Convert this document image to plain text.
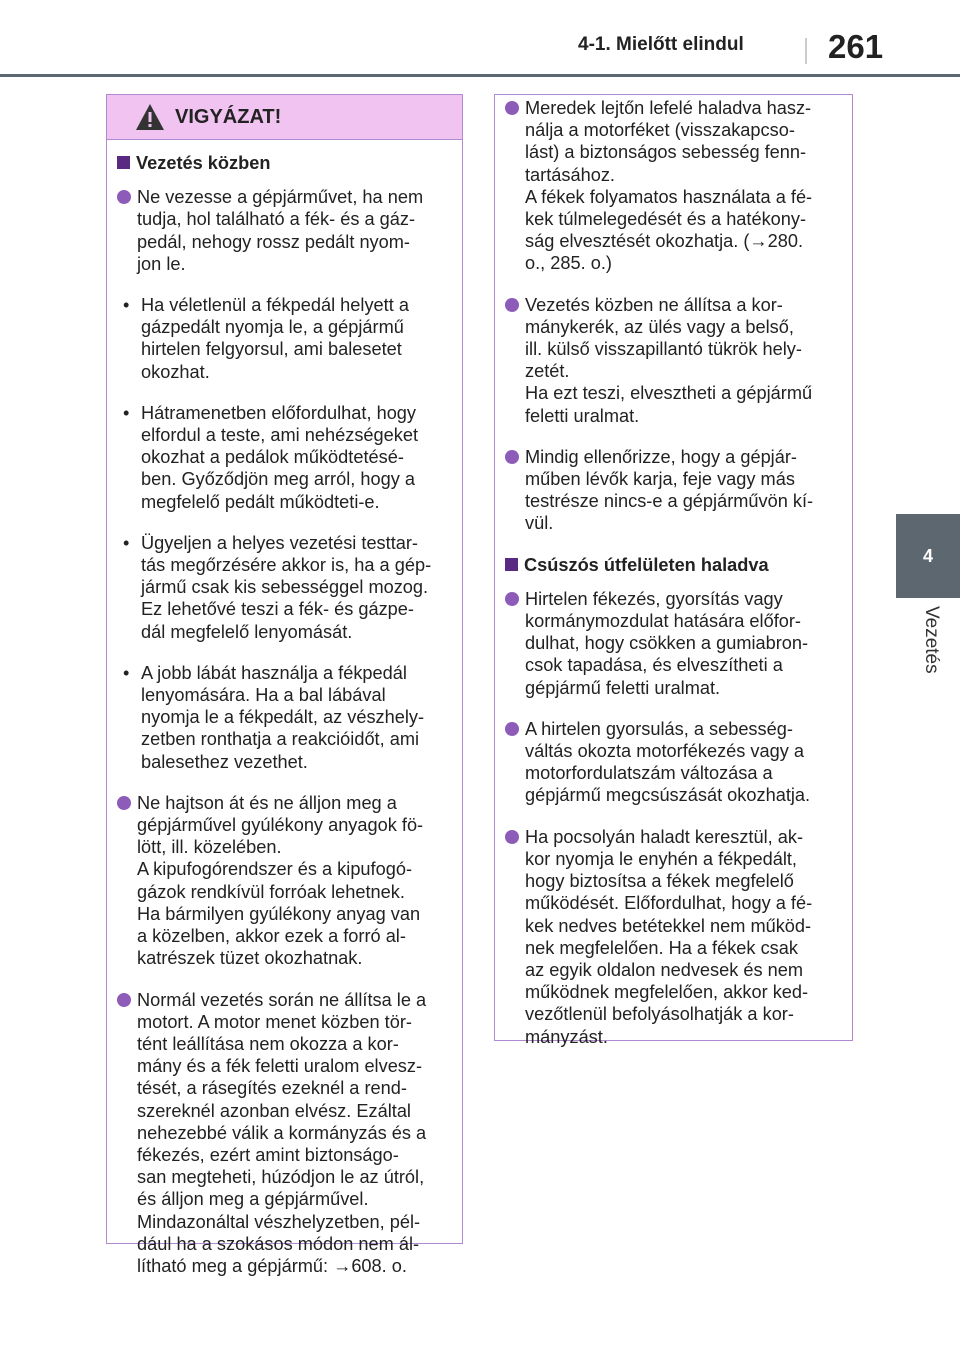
4-1. Mielőtt elindul	261
4
Vezetés
VIGYÁZAT!
Vezetés közben
Ne vezesse a gépjárművet, ha nem
tudja, hol található a fék- és a gáz-
pedál, nehogy rossz pedált nyom-
jon le.
• Ha véletlenül a fékpedál helyett a
gázpedált nyomja le, a gépjármű
hirtelen felgyorsul, ami balesetet
okozhat.
• Hátramenetben előfordulhat, hogy
elfordul a teste, ami nehézségeket
okozhat a pedálok működtetésé-
ben. Győződjön meg arról, hogy a
megfelelő pedált működteti-e.
• Ügyeljen a helyes vezetési testtar-
tás megőrzésére akkor is, ha a gép-
jármű csak kis sebességgel mozog.
Ez lehetővé teszi a fék- és gázpe-
dál megfelelő lenyomását.
• A jobb lábát használja a fékpedál
lenyomására. Ha a bal lábával
nyomja le a fékpedált, az vészhely-
zetben ronthatja a reakcióidőt, ami
balesethez vezethet.
Ne hajtson át és ne álljon meg a
gépjárművel gyúlékony anyagok fö-
lött, ill. közelében.
A kipufogórendszer és a kipufogó-
gázok rendkívül forróak lehetnek.
Ha bármilyen gyúlékony anyag van
a közelben, akkor ezek a forró al-
katrészek tüzet okozhatnak.
Normál vezetés során ne állítsa le a
motort. A motor menet közben tör-
tént leállítása nem okozza a kor-
mány és a fék feletti uralom elvesz-
tését, a rásegítés ezeknél a rend-
szereknél azonban elvész. Ezáltal
nehezebbé válik a kormányzás és a
fékezés, ezért amint biztonságo-
san megteheti, húzódjon le az útról,
és álljon meg a gépjárművel.
Mindazonáltal vészhelyzetben, pél-
dául ha a szokásos módon nem ál-
lítható meg a gépjármű: →608. o.
Meredek lejtőn lefelé haladva hasz-
nálja a motorféket (visszakapcso-
lást) a biztonságos sebesség fenn-
tartásához.
A fékek folyamatos használata a fé-
kek túlmelegedését és a hatékony-
ság elvesztését okozhatja. (→280.
o., 285. o.)
Vezetés közben ne állítsa a kor-
mánykerék, az ülés vagy a belső,
ill. külső visszapillantó tükrök hely-
zetét.
Ha ezt teszi, elvesztheti a gépjármű
feletti uralmat.
Mindig ellenőrizze, hogy a gépjár-
műben lévők karja, feje vagy más
testrésze nincs-e a gépjárművön kí-
vül.
Csúszós útfelületen haladva
Hirtelen fékezés, gyorsítás vagy
kormánymozdulat hatására előfor-
dulhat, hogy csökken a gumiabron-
csok tapadása, és elveszítheti a
gépjármű feletti uralmat.
A hirtelen gyorsulás, a sebesség-
váltás okozta motorfékezés vagy a
motorfordulatszám változása a
gépjármű megcsúszását okozhatja.
Ha pocsolyán haladt keresztül, ak-
kor nyomja le enyhén a fékpedált,
hogy biztosítsa a fékek megfelelő
működését. Előfordulhat, hogy a fé-
kek nedves betétekkel nem működ-
nek megfelelően. Ha a fékek csak
az egyik oldalon nedvesek és nem
működnek megfelelően, akkor ked-
vezőtlenül befolyásolhatják a kor-
mányzást.
